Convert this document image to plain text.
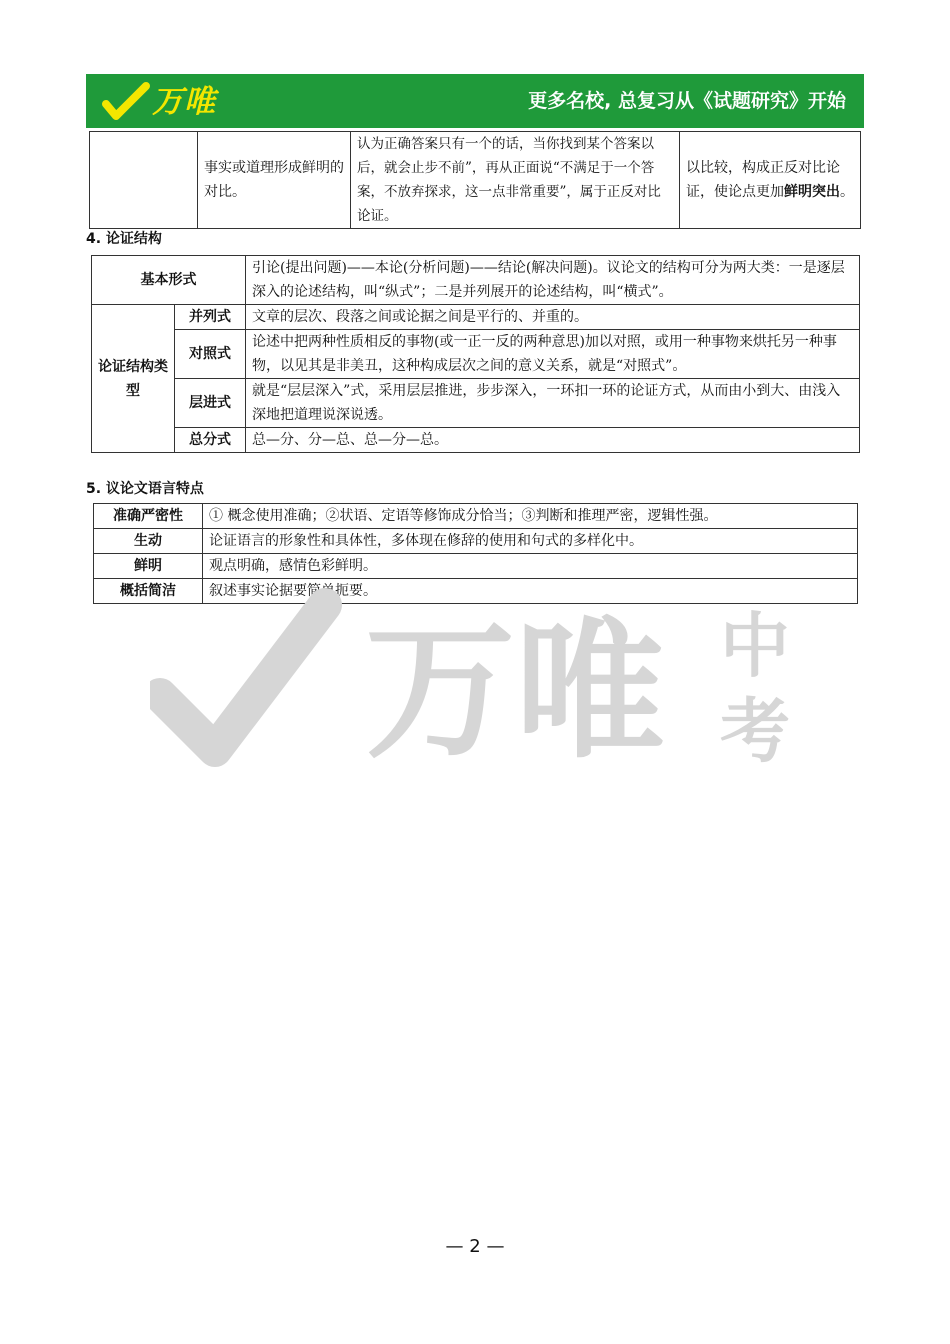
万唯	更多名校, 总复习从《试题研究》开始
	事实或道理形成鲜明的对比。	认为正确答案只有一个的话，当你找到某个答案以后，就会止步不前”，再从正面说“不满足于一个答案，不放弃探求，这一点非常重要”，属于正反对比论证。	以比较，构成正反对比论证，使论点更加鲜明突出。
4. 论证结构
基本形式		引论(提出问题)——本论(分析问题)——结论(解决问题)。议论文的结构可分为两大类：一是逐层深入的论述结构，叫“纵式”；二是并列展开的论述结构，叫“横式”。
论证结构类型	并列式	文章的层次、段落之间或论据之间是平行的、并重的。
	对照式	论述中把两种性质相反的事物(或一正一反的两种意思)加以对照，或用一种事物来烘托另一种事物，以见其是非美丑，这种构成层次之间的意义关系，就是“对照式”。
	层进式	就是“层层深入”式，采用层层推进，步步深入，一环扣一环的论证方式，从而由小到大、由浅入深地把道理说深说透。
	总分式	总—分、分—总、总—分—总。
5. 议论文语言特点
准确严密性	① 概念使用准确；②状语、定语等修饰成分恰当；③判断和推理严密，逻辑性强。
生动	论证语言的形象性和具体性，多体现在修辞的使用和句式的多样化中。
鲜明	观点明确，感情色彩鲜明。
概括简洁	叙述事实论据要简单扼要。
万唯 中
考
— 2 —
